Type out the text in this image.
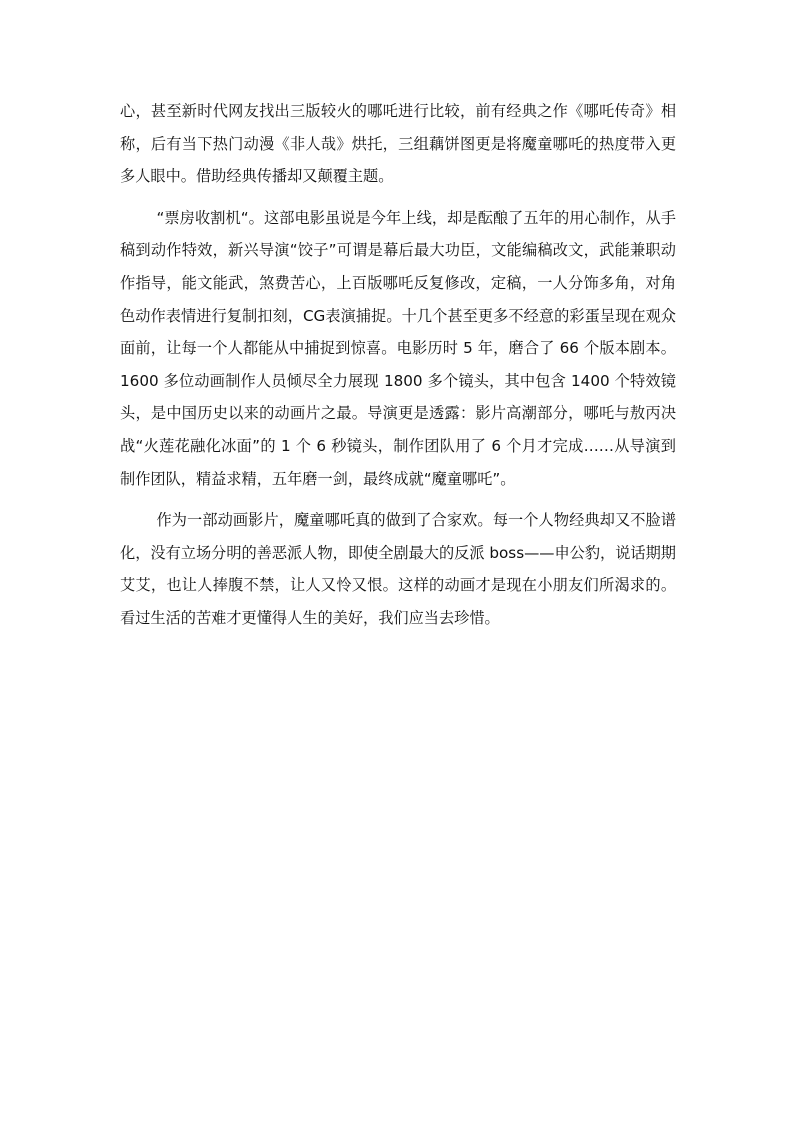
心，甚至新时代网友找出三版较火的哪吒进行比较，前有经典之作《哪吒传奇》相称，后有当下热门动漫《非人哉》烘托，三组藕饼图更是将魔童哪吒的热度带入更多人眼中。借助经典传播却又颠覆主题。

“票房收割机“。这部电影虽说是今年上线，却是酝酿了五年的用心制作，从手稿到动作特效，新兴导演“饺子”可谓是幕后最大功臣，文能编稿改文，武能兼职动作指导，能文能武，煞费苦心，上百版哪吒反复修改，定稿，一人分饰多角，对角色动作表情进行复制扣刻，CG表演捕捉。十几个甚至更多不经意的彩蛋呈现在观众面前，让每一个人都能从中捕捉到惊喜。电影历时 5 年，磨合了 66 个版本剧本。1600 多位动画制作人员倾尽全力展现 1800 多个镜头，其中包含 1400 个特效镜头，是中国历史以来的动画片之最。导演更是透露：影片高潮部分，哪吒与敖丙决战“火莲花融化冰面”的 1 个 6 秒镜头，制作团队用了 6 个月才完成……从导演到制作团队，精益求精，五年磨一剑，最终成就“魔童哪吒”。

作为一部动画影片，魔童哪吒真的做到了合家欢。每一个人物经典却又不脸谱化，没有立场分明的善恶派人物，即使全剧最大的反派 boss——申公豹，说话期期艾艾，也让人捧腹不禁，让人又怜又恨。这样的动画才是现在小朋友们所渴求的。看过生活的苦难才更懂得人生的美好，我们应当去珍惜。
